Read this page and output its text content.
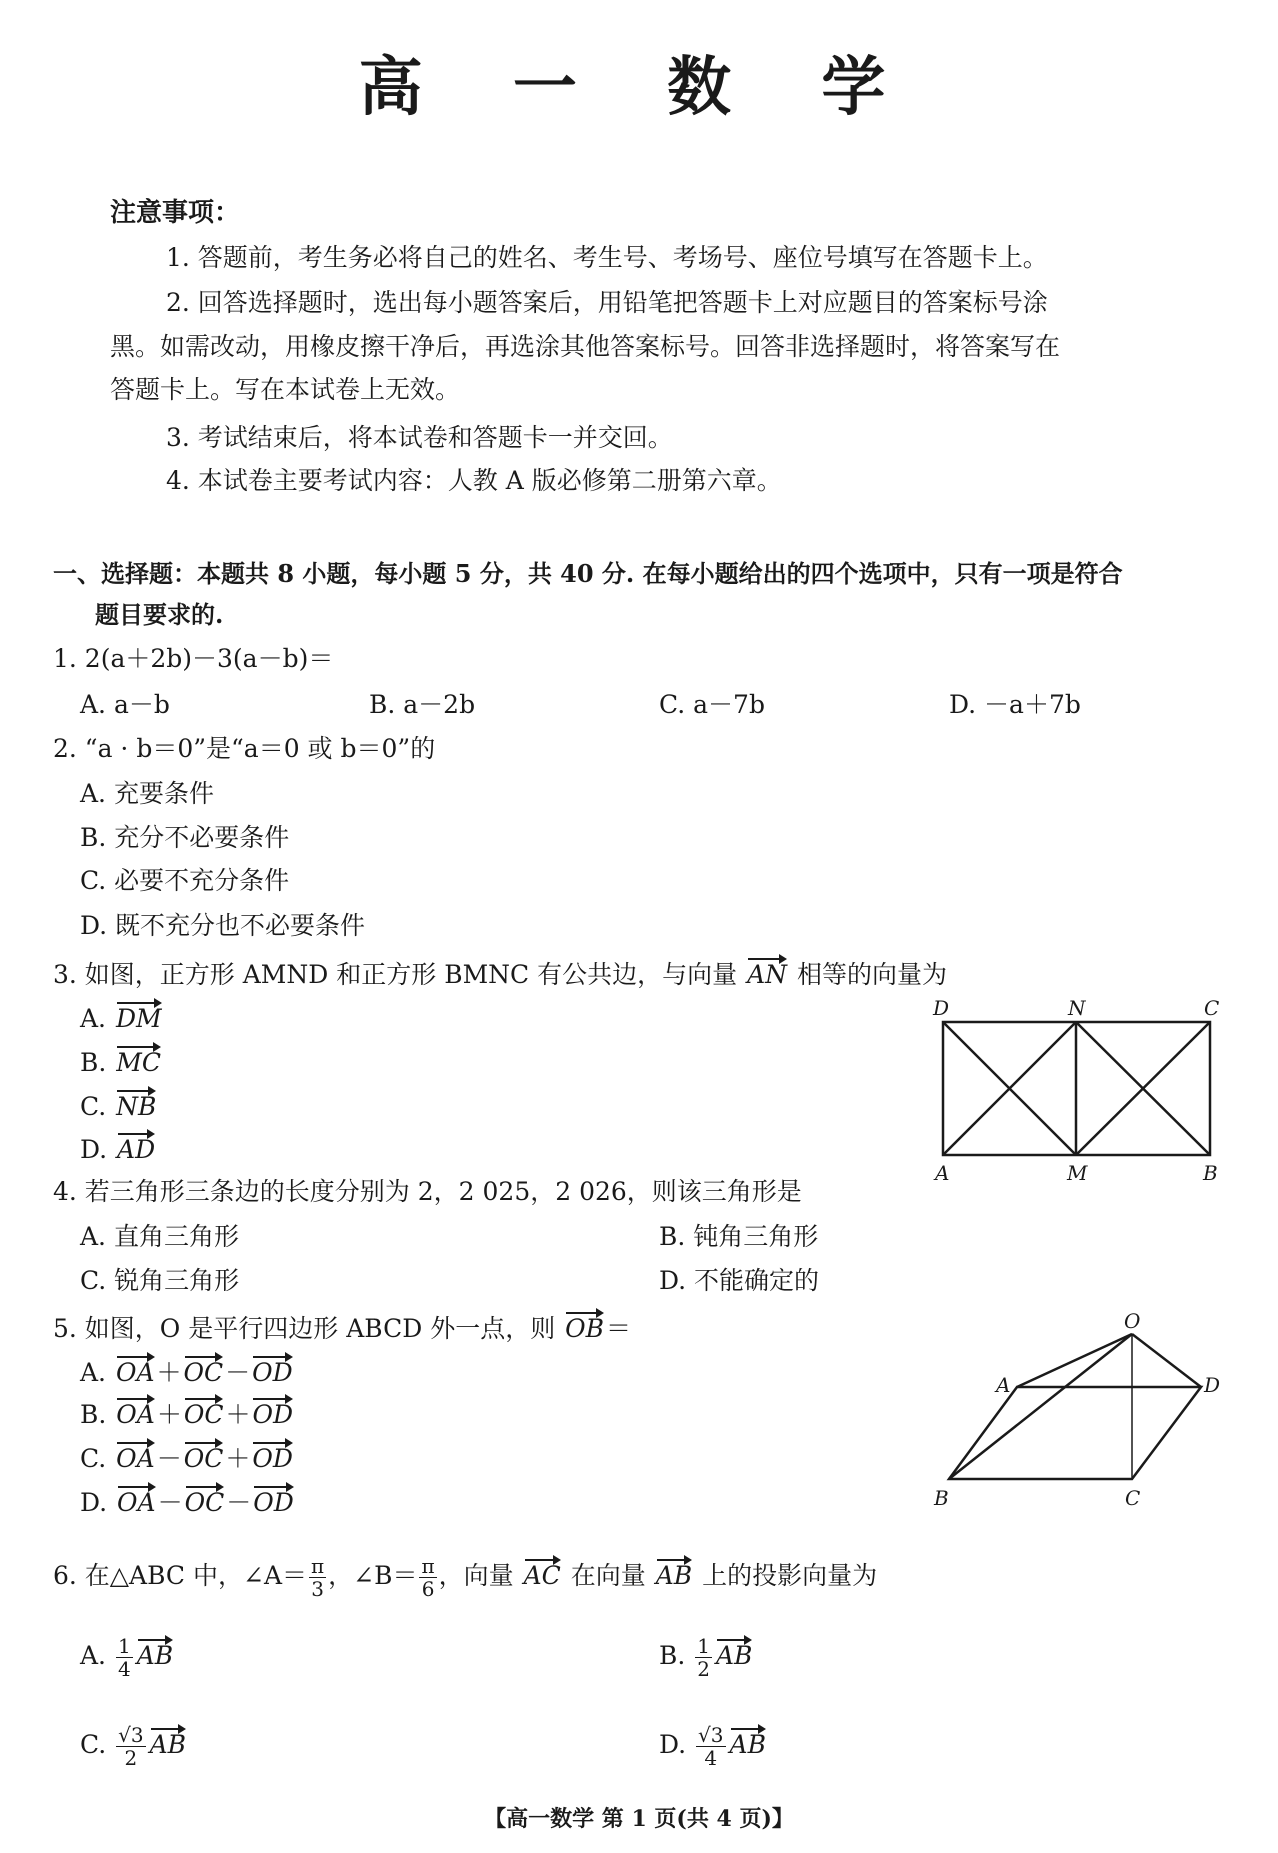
高 一 数 学
注意事项：
1. 答题前，考生务必将自己的姓名、考生号、考场号、座位号填写在答题卡上。
2. 回答选择题时，选出每小题答案后，用铅笔把答题卡上对应题目的答案标号涂
黑。如需改动，用橡皮擦干净后，再选涂其他答案标号。回答非选择题时，将答案写在
答题卡上。写在本试卷上无效。
3. 考试结束后，将本试卷和答题卡一并交回。
4. 本试卷主要考试内容：人教 A 版必修第二册第六章。
一、选择题：本题共 8 小题，每小题 5 分，共 40 分. 在每小题给出的四个选项中，只有一项是符合
题目要求的.
1. 2(a＋2b)－3(a－b)＝
A. a－b	B. a－2b	C. a－7b	D. －a＋7b
2. “a · b＝0”是“a＝0 或 b＝0”的
A. 充要条件
B. 充分不必要条件
C. 必要不充分条件
D. 既不充分也不必要条件
3. 如图，正方形 AMND 和正方形 BMNC 有公共边，与向量 AN 相等的向量为
A. DM
B. MC
C. NB
D. AD
D	N	C
A	M	B
O
A	D
B	C
4. 若三角形三条边的长度分别为 2，2 025，2 026，则该三角形是
A. 直角三角形	B. 钝角三角形
C. 锐角三角形	D. 不能确定的
5. 如图，O 是平行四边形 ABCD 外一点，则 OB＝
A. OA＋OC－OD
B. OA＋OC＋OD
C. OA－OC＋OD
D. OA－OC－OD
6. 在△ABC 中，∠A＝ $\frac{\pi}{3}$ ，∠B＝ $\frac{\pi}{6}$ ，向量 AC 在向量 AB 上的投影向量为
A. $\frac{1}{4}$ AB	B. $\frac{1}{2}$ AB
C. $\frac{√3}{2}$ AB	D. $\frac{√3}{4}$ AB
【高一数学 第 1 页(共 4 页)】
